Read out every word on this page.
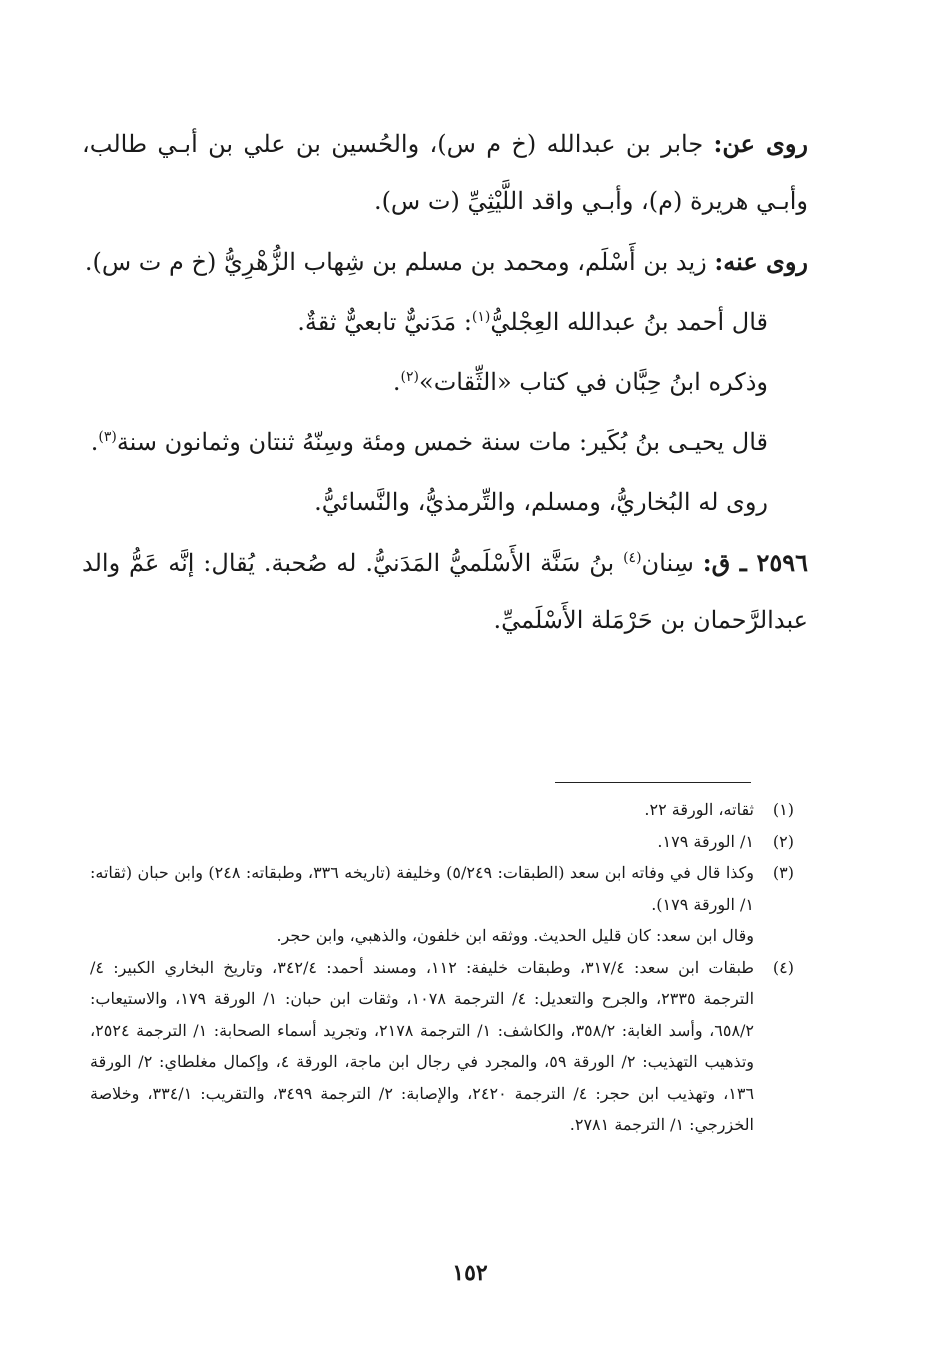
روى عن: جابر بن عبدالله (خ م س)، والحُسين بن علي بن أبـي طالب، وأبـي هريرة (م)، وأبـي واقد اللَّيْثِيِّ (ت س).

روى عنه: زيد بن أَسْلَم، ومحمد بن مسلم بن شِهاب الزُّهْرِيُّ (خ م ت س).

قال أحمد بنُ عبدالله العِجْليُّ$^{(١)}$: مَدَنيٌّ تابعيٌّ ثقةٌ.

وذكره ابنُ حِبَّان في كتاب «الثِّقات»$^{(٢)}$.

قال يحيـى بنُ بُكَير: مات سنة خمس ومئة وسِنّهُ ثنتان وثمانون سنة$^{(٣)}$.

روى له البُخاريُّ، ومسلم، والتِّرمذيُّ، والنَّسائيُّ.

٢٥٩٦ ـ ق: سِنان$^{(٤)}$ بنُ سَنَّة الأَسْلَميُّ المَدَنيُّ. له صُحبة. يُقال: إنَّه عَمُّ والد عبدالرَّحمان بن حَرْمَلة الأَسْلَميِّ.

(١)
ثقاته، الورقة ٢٢.
(٢)
١/ الورقة ١٧٩.
(٣)
وكذا قال في وفاته ابن سعد (الطبقات: ٥/٢٤٩) وخليفة (تاريخه ٣٣٦، وطبقاته: ٢٤٨) وابن حبان (ثقاته: ١/ الورقة ١٧٩).
وقال ابن سعد: كان قليل الحديث. ووثقه ابن خلفون، والذهبي، وابن حجر.
(٤)
طبقات ابن سعد: ٣١٧/٤، وطبقات خليفة: ١١٢، ومسند أحمد: ٣٤٢/٤، وتاريخ البخاري الكبير: ٤/ الترجمة ٢٣٣٥، والجرح والتعديل: ٤/ الترجمة ١٠٧٨، وثقات ابن حبان: ١/ الورقة ١٧٩، والاستيعاب: ٦٥٨/٢، وأسد الغابة: ٣٥٨/٢، والكاشف: ١/ الترجمة ٢١٧٨، وتجريد أسماء الصحابة: ١/ الترجمة ٢٥٢٤، وتذهيب التهذيب: ٢/ الورقة ٥٩، والمجرد في رجال ابن ماجة، الورقة ٤، وإكمال مغلطاي: ٢/ الورقة ١٣٦، وتهذيب ابن حجر: ٤/ الترجمة ٢٤٢٠، والإصابة: ٢/ الترجمة ٣٤٩٩، والتقريب: ٣٣٤/١، وخلاصة الخزرجي: ١/ الترجمة ٢٧٨١.
١٥٢
